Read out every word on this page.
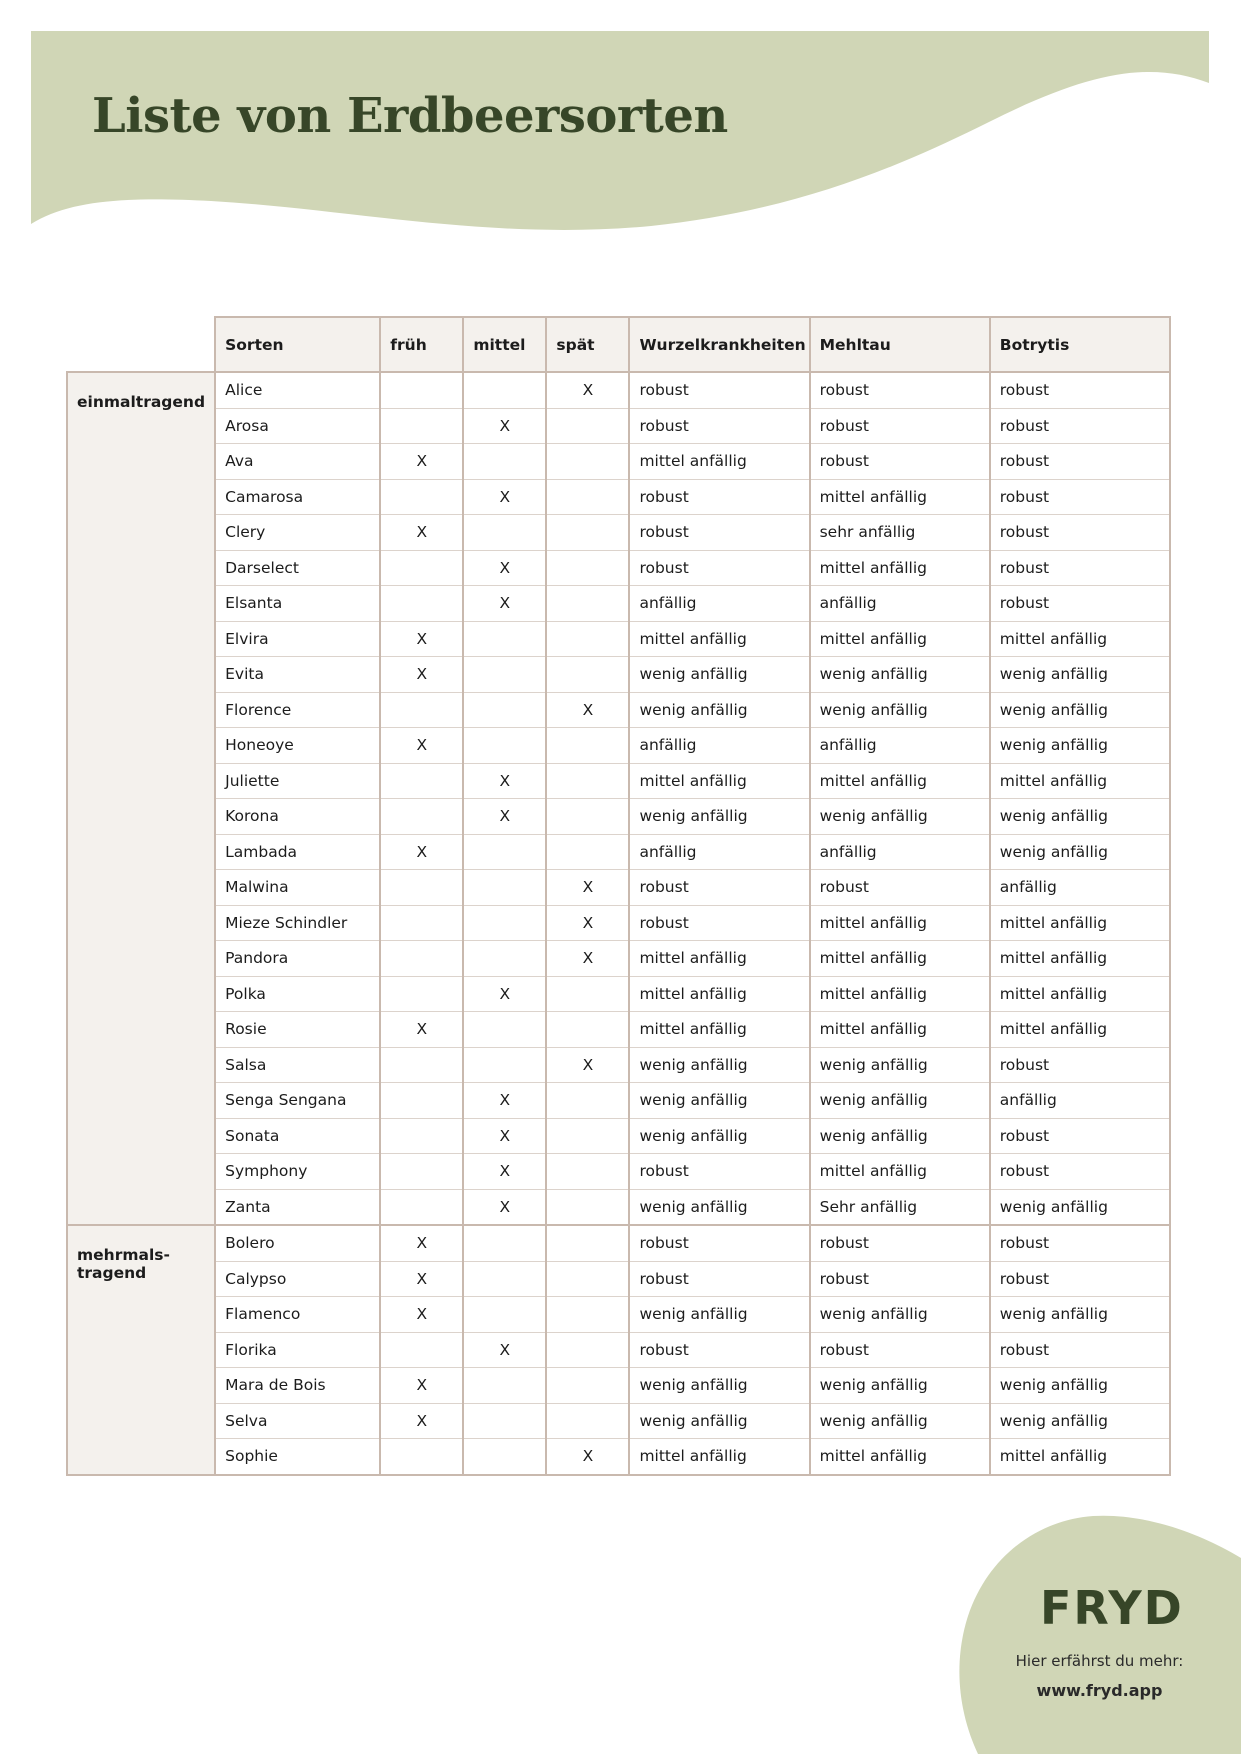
Liste von Erdbeersorten
	Sorten	früh	mittel	spät	Wurzelkrankheiten	Mehltau	Botrytis
einmaltragend	Alice			X	robust	robust	robust
	Arosa		X		robust	robust	robust
	Ava	X			mittel anfällig	robust	robust
	Camarosa		X		robust	mittel anfällig	robust
	Clery	X			robust	sehr anfällig	robust
	Darselect		X		robust	mittel anfällig	robust
	Elsanta		X		anfällig	anfällig	robust
	Elvira	X			mittel anfällig	mittel anfällig	mittel anfällig
	Evita	X			wenig anfällig	wenig anfällig	wenig anfällig
	Florence			X	wenig anfällig	wenig anfällig	wenig anfällig
	Honeoye	X			anfällig	anfällig	wenig anfällig
	Juliette		X		mittel anfällig	mittel anfällig	mittel anfällig
	Korona		X		wenig anfällig	wenig anfällig	wenig anfällig
	Lambada	X			anfällig	anfällig	wenig anfällig
	Malwina			X	robust	robust	anfällig
	Mieze Schindler			X	robust	mittel anfällig	mittel anfällig
	Pandora			X	mittel anfällig	mittel anfällig	mittel anfällig
	Polka		X		mittel anfällig	mittel anfällig	mittel anfällig
	Rosie	X			mittel anfällig	mittel anfällig	mittel anfällig
	Salsa			X	wenig anfällig	wenig anfällig	robust
	Senga Sengana		X		wenig anfällig	wenig anfällig	anfällig
	Sonata		X		wenig anfällig	wenig anfällig	robust
	Symphony		X		robust	mittel anfällig	robust
	Zanta		X		wenig anfällig	Sehr anfällig	wenig anfällig
mehrmals-tragend	Bolero	X			robust	robust	robust
	Calypso	X			robust	robust	robust
	Flamenco	X			wenig anfällig	wenig anfällig	wenig anfällig
	Florika		X		robust	robust	robust
	Mara de Bois	X			wenig anfällig	wenig anfällig	wenig anfällig
	Selva	X			wenig anfällig	wenig anfällig	wenig anfällig
	Sophie			X	mittel anfällig	mittel anfällig	mittel anfällig
FRYD
Hier erfährst du mehr:
www.fryd.app
